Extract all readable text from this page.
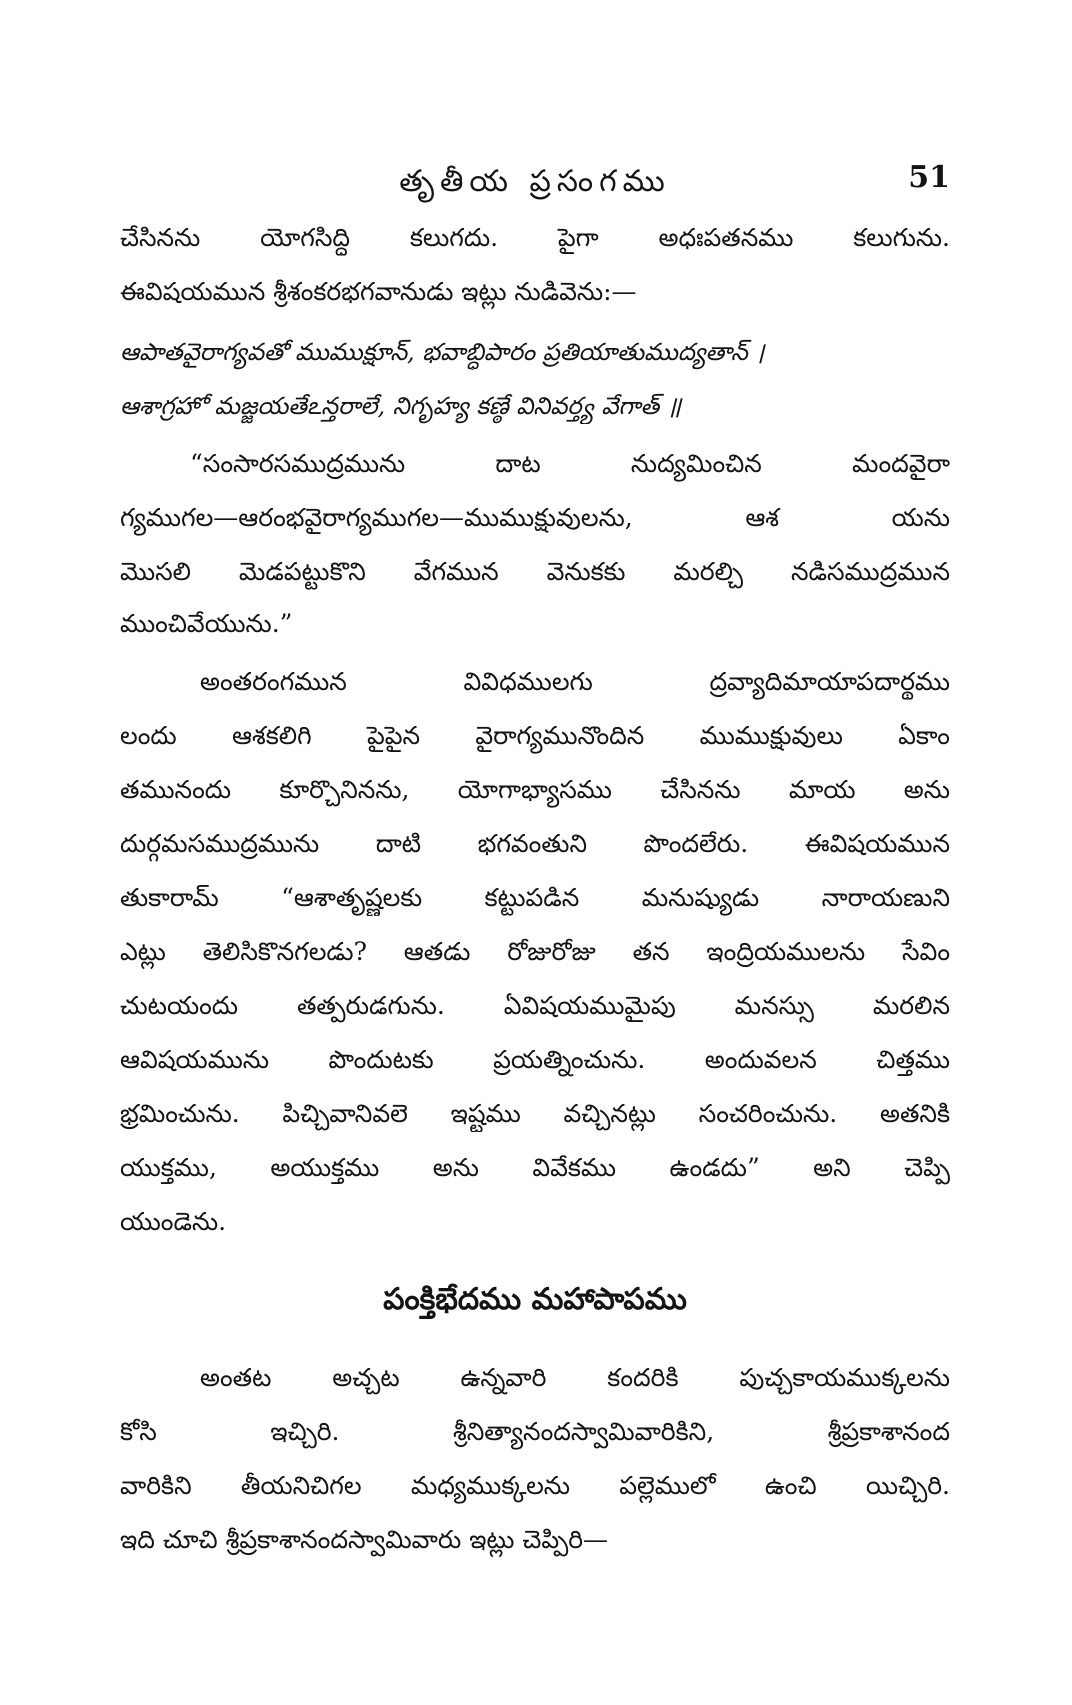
తృతీయ ప్రసంగము	51
చేసినను యోగసిద్ధి కలుగదు. పైగా అధఃపతనము కలుగును.
ఈవిషయమున శ్రీశంకరభగవానుడు ఇట్లు నుడివెను:—
ఆపాతవైరాగ్యవతో ముముక్షూన్, భవాబ్ధిపారం ప్రతియాతుముద్యతాన్ ।
ఆశాగ్రహో మజ్జయతేఽన్తరాలే, నిగృహ్య కణ్ఠే వినివర్త్య వేగాత్ ॥
“సంసారసముద్రమును దాట నుద్యమించిన మందవైరా
గ్యముగల—ఆరంభవైరాగ్యముగల—ముముక్షువులను, ఆశ యను
మొసలి మెడపట్టుకొని వేగమున వెనుకకు మరల్చి నడిసముద్రమున
ముంచివేయును.”
అంతరంగమున వివిధములగు ద్రవ్యాదిమాయాపదార్థము
లందు ఆశకలిగి పైపైన వైరాగ్యమునొందిన ముముక్షువులు ఏకాం
తమునందు కూర్చొనినను, యోగాభ్యాసము చేసినను మాయ అను
దుర్గమసముద్రమును దాటి భగవంతుని పొందలేరు. ఈవిషయమున
తుకారామ్ “ఆశాతృష్ణలకు కట్టుపడిన మనుష్యుడు నారాయణుని
ఎట్లు తెలిసికొనగలడు? ఆతడు రోజురోజు తన ఇంద్రియములను సేవిం
చుటయందు తత్పరుడగును. ఏవిషయముమైపు మనస్సు మరలిన
ఆవిషయమును పొందుటకు ప్రయత్నించును. అందువలన చిత్తము
భ్రమించును. పిచ్చివానివలె ఇష్టము వచ్చినట్లు సంచరించును. అతనికి
యుక్తము, అయుక్తము అను వివేకము ఉండదు” అని చెప్పి
యుండెను.
పంక్తిభేదము మహాపాపము
అంతట అచ్చట ఉన్నవారి కందరికి పుచ్చకాయముక్కలను
కోసి ఇచ్చిరి. శ్రీనిత్యానందస్వామివారికిని, శ్రీప్రకాశానంద
వారికిని తీయనిచిగల మధ్యముక్కలను పల్లెములో ఉంచి యిచ్చిరి.
ఇది చూచి శ్రీప్రకాశానందస్వామివారు ఇట్లు చెప్పిరి—
